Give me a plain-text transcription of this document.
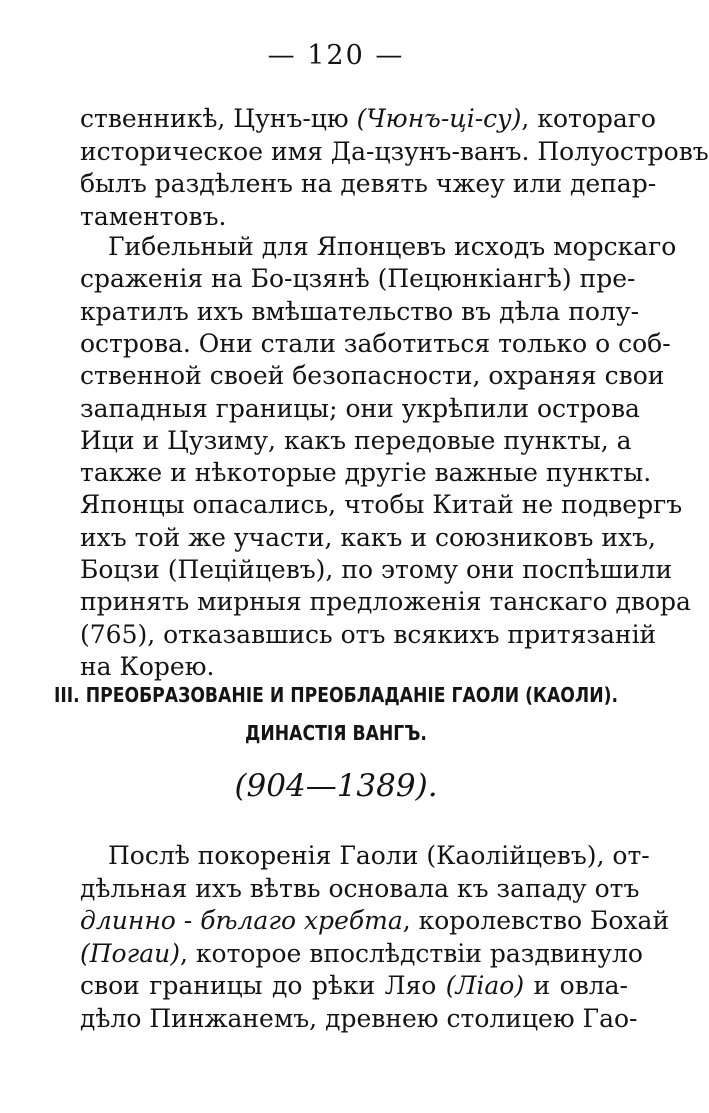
— 120 —
ственникѣ, Цунъ-цю (Чюнъ-цi-су), котораго
историческое имя Да-цзунъ-ванъ. Полуостровъ
былъ раздѣленъ на девять чжеу или депар-
таментовъ.
Гибельный для Японцевъ исходъ морскаго
сраженія на Бо-цзянѣ (Пецюнкіангѣ) пре-
кратилъ ихъ вмѣшательство въ дѣла полу-
острова. Они стали заботиться только о соб-
ственной своей безопасности, охраняя свои
западныя границы; они укрѣпили острова
Ици и Цузиму, какъ передовые пункты, а
также и нѣкоторые другіе важные пункты.
Японцы опасались, чтобы Китай не подвергъ
ихъ той же участи, какъ и союзниковъ ихъ,
Боцзи (Пецiйцевъ), по этому они поспѣшили
принять мирныя предложенія танскаго двора
(765), отказавшись отъ всякихъ притязаній
на Корею.
III. ПРЕОБРАЗОВАНІЕ И ПРЕОБЛАДАНІЕ ГАОЛИ (КАОЛИ).
ДИНАСТІЯ ВАНГЪ.
(904—1389).
Послѣ покоренія Гаоли (Каолiйцевъ), от-
дѣльная ихъ вѣтвь основала къ западу отъ
длинно - бѣлаго хребта, королевство Бохай
(Погаи), которое впослѣдствіи раздвинуло
свои границы до рѣки Ляо (Ліао) и овла-
дѣло Пинжанемъ, древнею столицею Гао-
